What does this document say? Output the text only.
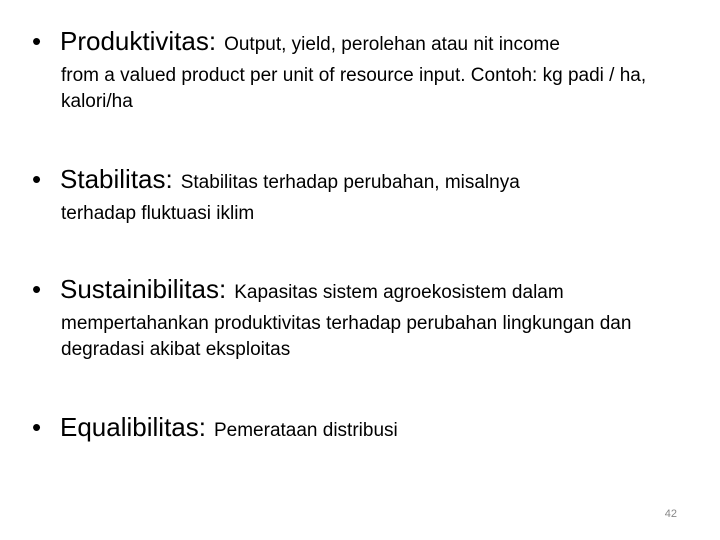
• Produktivitas: Output, yield, perolehan atau nit income
from a valued product per unit of resource input. Contoh: kg padi / ha, kalori/ha
• Stabilitas: Stabilitas terhadap perubahan, misalnya
terhadap fluktuasi iklim
• Sustainibilitas: Kapasitas sistem agroekosistem dalam
mempertahankan produktivitas terhadap perubahan lingkungan dan degradasi akibat eksploitas
• Equalibilitas: Pemerataan distribusi
42
